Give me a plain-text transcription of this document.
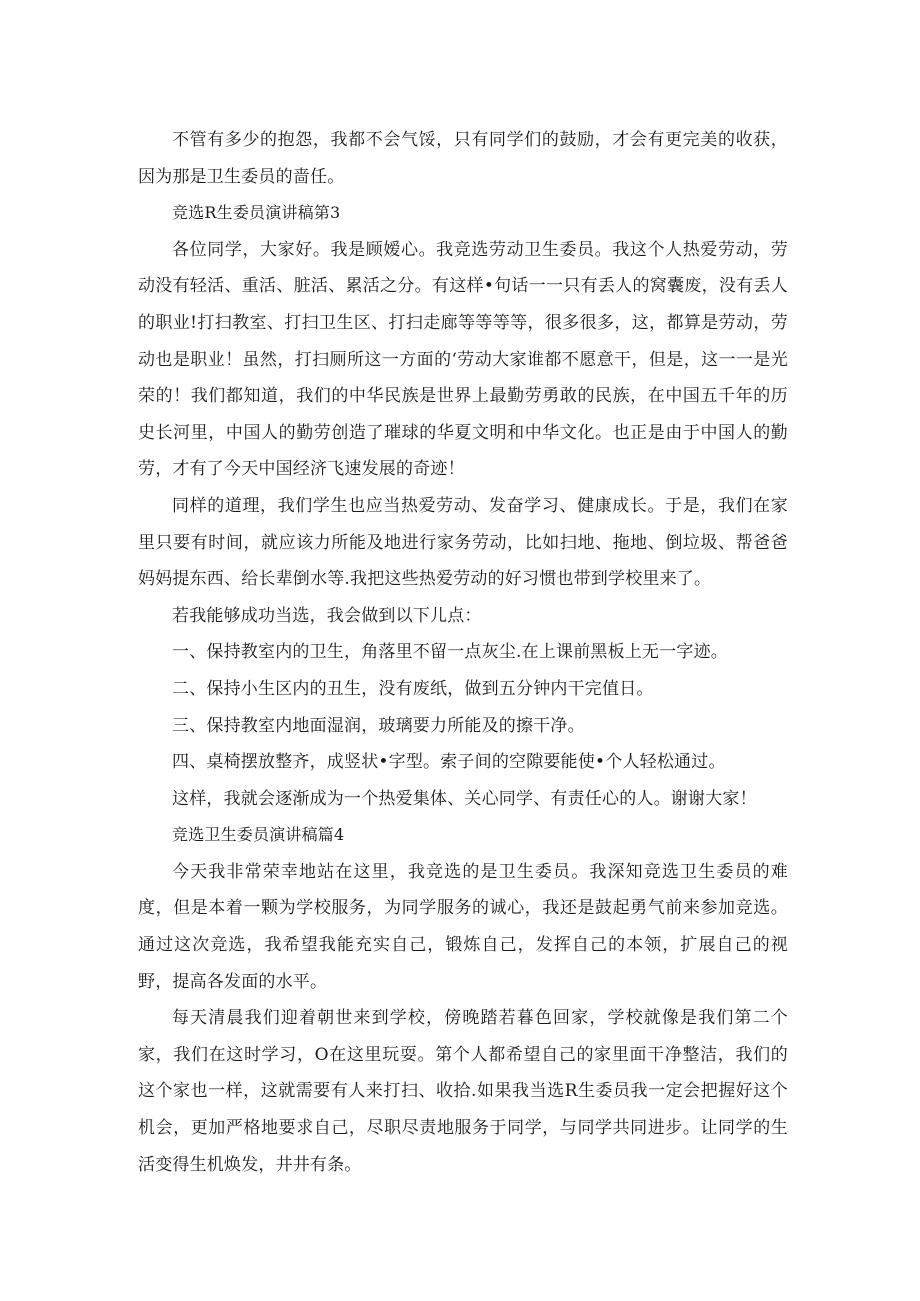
不管有多少的抱怨，我都不会气馁，只有同学们的鼓励，才会有更完美的收获，因为那是卫生委员的啬任。

竞选R生委员演讲稿第3

各位同学，大家好。我是顾嫒心。我竞选劳动卫生委员。我这个人热爱劳动，劳动没有轻活、重活、脏活、累活之分。有这样•句话一一只有丢人的窝囊废，没有丢人的职业!打扫教室、打扫卫生区、打扫走廊等等等等，很多很多，这，都算是劳动，劳动也是职业！虽然，打扫厕所这一方面的‘劳动大家谁都不愿意干，但是，这一一是光荣的！我们都知道，我们的中华民族是世界上最勤劳勇敢的民族，在中国五千年的历史长河里，中国人的勤劳创造了璀球的华夏文明和中华文化。也正是由于中国人的勤劳，才有了今天中国经济飞速发展的奇迹！

同样的道理，我们学生也应当热爱劳动、发奋学习、健康成长。于是，我们在家里只要有时间，就应该力所能及地进行家务劳动，比如扫地、拖地、倒垃圾、帮爸爸妈妈提东西、给长辈倒水等.我把这些热爱劳动的好习惯也带到学校里来了。

若我能够成功当选，我会做到以下儿点：

一、保持教室内的卫生，角落里不留一点灰尘.在上课前黑板上无一字迹。

二、保持小生区内的丑生，没有废纸，做到五分钟内干完值日。

三、保持教室内地面湿润，玻璃要力所能及的擦干净。

四、桌椅摆放整齐，成竖状•字型。索子间的空隙要能使•个人轻松通过。

这样，我就会逐渐成为一个热爱集体、关心同学、有责任心的人。谢谢大家！

竞选卫生委员演讲稿篇4

今天我非常荣幸地站在这里，我竞选的是卫生委员。我深知竞选卫生委员的难度，但是本着一颗为学校服务，为同学服务的诚心，我还是鼓起勇气前来参加竞选。通过这次竞选，我希望我能充实自己，锻炼自己，发挥自己的本领，扩展自己的视野，提高各发面的水平。

每天清晨我们迎着朝世来到学校，傍晚踏若暮色回家，学校就像是我们第二个家，我们在这时学习，O在这里玩耍。第个人都希望自己的家里面干净整洁，我们的这个家也一样，这就需要有人来打扫、收拾.如果我当选R生委员我一定会把握好这个机会，更加严格地要求自己，尽职尽责地服务于同学，与同学共同进步。让同学的生活变得生机焕发，井井有条。
